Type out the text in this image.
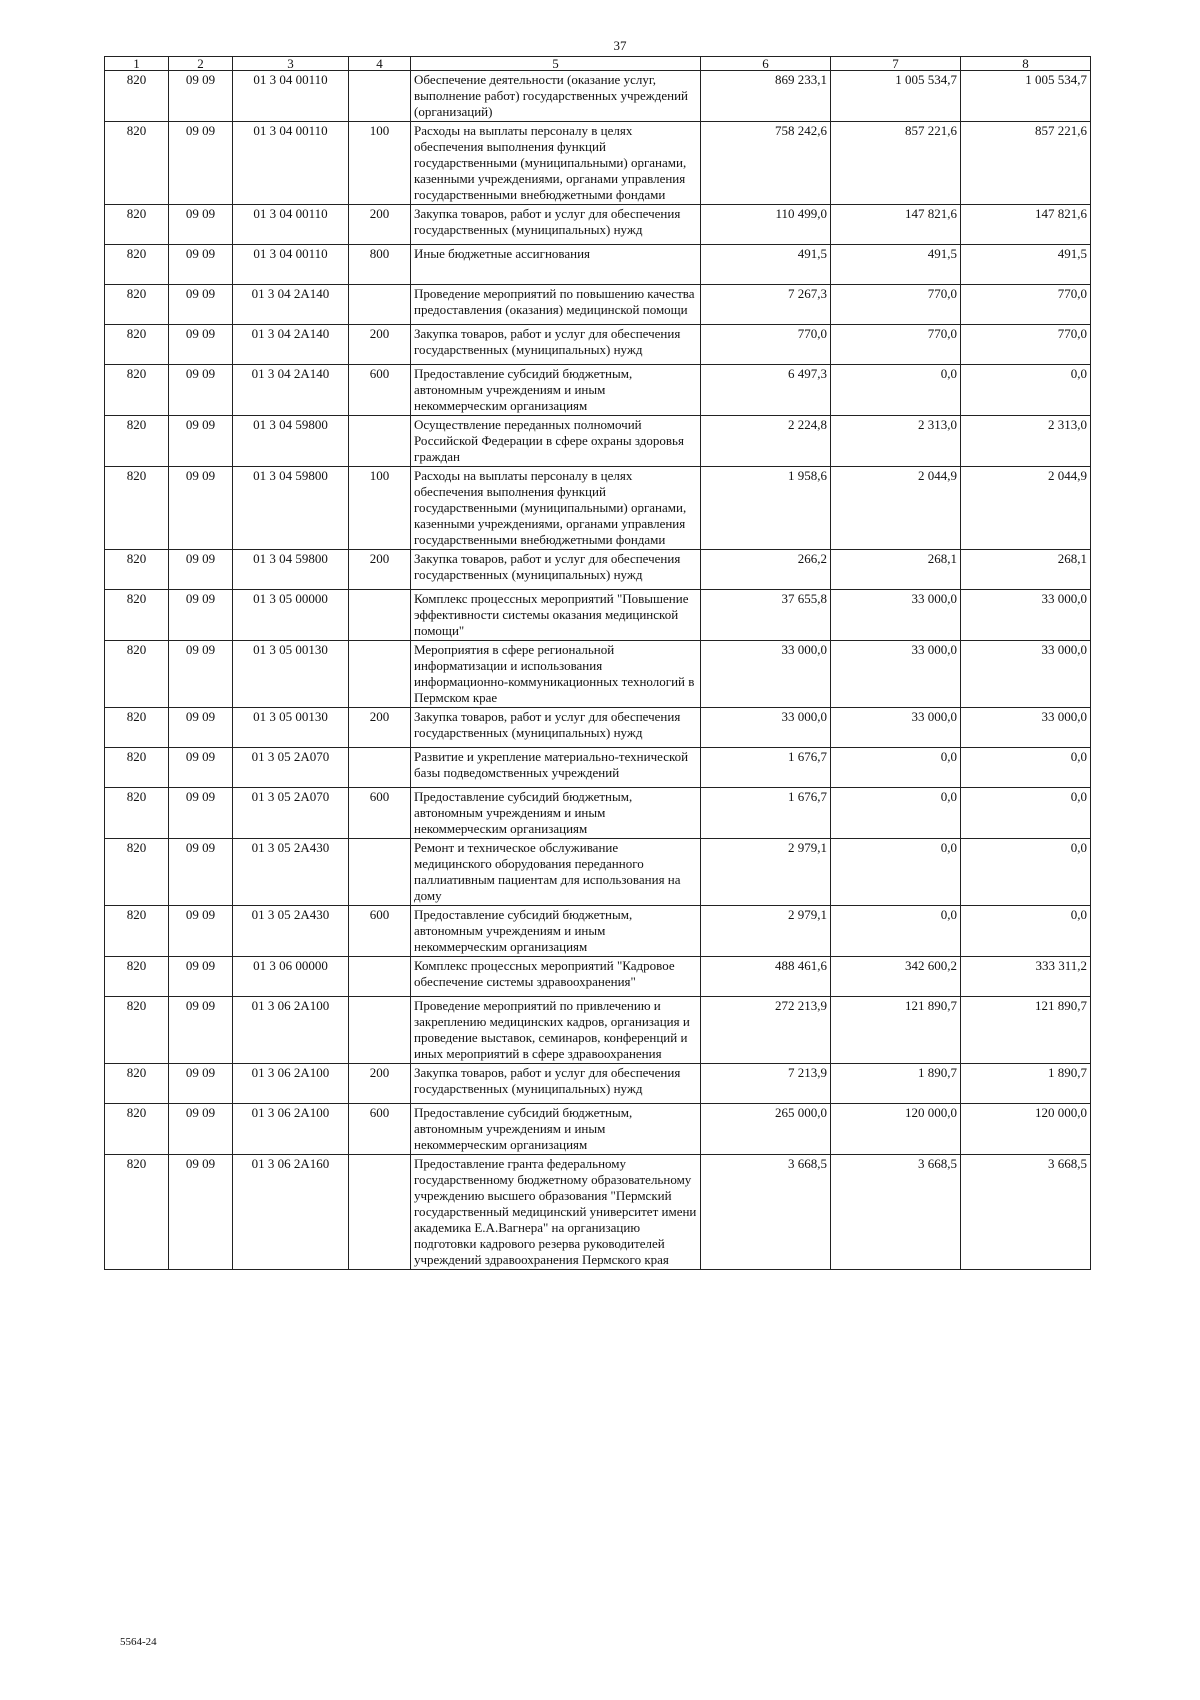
37
1	2	3	4	5	6	7	8
820	09 09	01 3 04 00110		Обеспечение деятельности (оказание услуг, выполнение работ) государственных учреждений (организаций)	869 233,1	1 005 534,7	1 005 534,7
820	09 09	01 3 04 00110	100	Расходы на выплаты персоналу в целях обеспечения выполнения функций государственными (муниципальными) органами, казенными учреждениями, органами управления государственными внебюджетными фондами	758 242,6	857 221,6	857 221,6
820	09 09	01 3 04 00110	200	Закупка товаров, работ и услуг для обеспечения государственных (муниципальных) нужд	110 499,0	147 821,6	147 821,6
820	09 09	01 3 04 00110	800	Иные бюджетные ассигнования	491,5	491,5	491,5
820	09 09	01 3 04 2А140		Проведение мероприятий по повышению качества предоставления (оказания) медицинской помощи	7 267,3	770,0	770,0
820	09 09	01 3 04 2А140	200	Закупка товаров, работ и услуг для обеспечения государственных (муниципальных) нужд	770,0	770,0	770,0
820	09 09	01 3 04 2А140	600	Предоставление субсидий бюджетным, автономным учреждениям и иным некоммерческим организациям	6 497,3	0,0	0,0
820	09 09	01 3 04 59800		Осуществление переданных полномочий Российской Федерации в сфере охраны здоровья граждан	2 224,8	2 313,0	2 313,0
820	09 09	01 3 04 59800	100	Расходы на выплаты персоналу в целях обеспечения выполнения функций государственными (муниципальными) органами, казенными учреждениями, органами управления государственными внебюджетными фондами	1 958,6	2 044,9	2 044,9
820	09 09	01 3 04 59800	200	Закупка товаров, работ и услуг для обеспечения государственных (муниципальных) нужд	266,2	268,1	268,1
820	09 09	01 3 05 00000		Комплекс процессных мероприятий "Повышение эффективности системы оказания медицинской помощи"	37 655,8	33 000,0	33 000,0
820	09 09	01 3 05 00130		Мероприятия в сфере региональной информатизации и использования информационно-коммуникационных технологий в Пермском крае	33 000,0	33 000,0	33 000,0
820	09 09	01 3 05 00130	200	Закупка товаров, работ и услуг для обеспечения государственных (муниципальных) нужд	33 000,0	33 000,0	33 000,0
820	09 09	01 3 05 2А070		Развитие и укрепление материально-технической базы подведомственных учреждений	1 676,7	0,0	0,0
820	09 09	01 3 05 2А070	600	Предоставление субсидий бюджетным, автономным учреждениям и иным некоммерческим организациям	1 676,7	0,0	0,0
820	09 09	01 3 05 2А430		Ремонт и техническое обслуживание медицинского оборудования переданного паллиативным пациентам для использования на дому	2 979,1	0,0	0,0
820	09 09	01 3 05 2А430	600	Предоставление субсидий бюджетным, автономным учреждениям и иным некоммерческим организациям	2 979,1	0,0	0,0
820	09 09	01 3 06 00000		Комплекс процессных мероприятий "Кадровое обеспечение системы здравоохранения"	488 461,6	342 600,2	333 311,2
820	09 09	01 3 06 2А100		Проведение мероприятий по привлечению и закреплению медицинских кадров, организация и проведение выставок, семинаров, конференций и иных мероприятий в сфере здравоохранения	272 213,9	121 890,7	121 890,7
820	09 09	01 3 06 2А100	200	Закупка товаров, работ и услуг для обеспечения государственных (муниципальных) нужд	7 213,9	1 890,7	1 890,7
820	09 09	01 3 06 2А100	600	Предоставление субсидий бюджетным, автономным учреждениям и иным некоммерческим организациям	265 000,0	120 000,0	120 000,0
820	09 09	01 3 06 2А160		Предоставление гранта федеральному государственному бюджетному образовательному учреждению высшего образования "Пермский государственный медицинский университет имени академика Е.А.Вагнера" на организацию подготовки кадрового резерва руководителей учреждений здравоохранения Пермского края	3 668,5	3 668,5	3 668,5
5564-24
